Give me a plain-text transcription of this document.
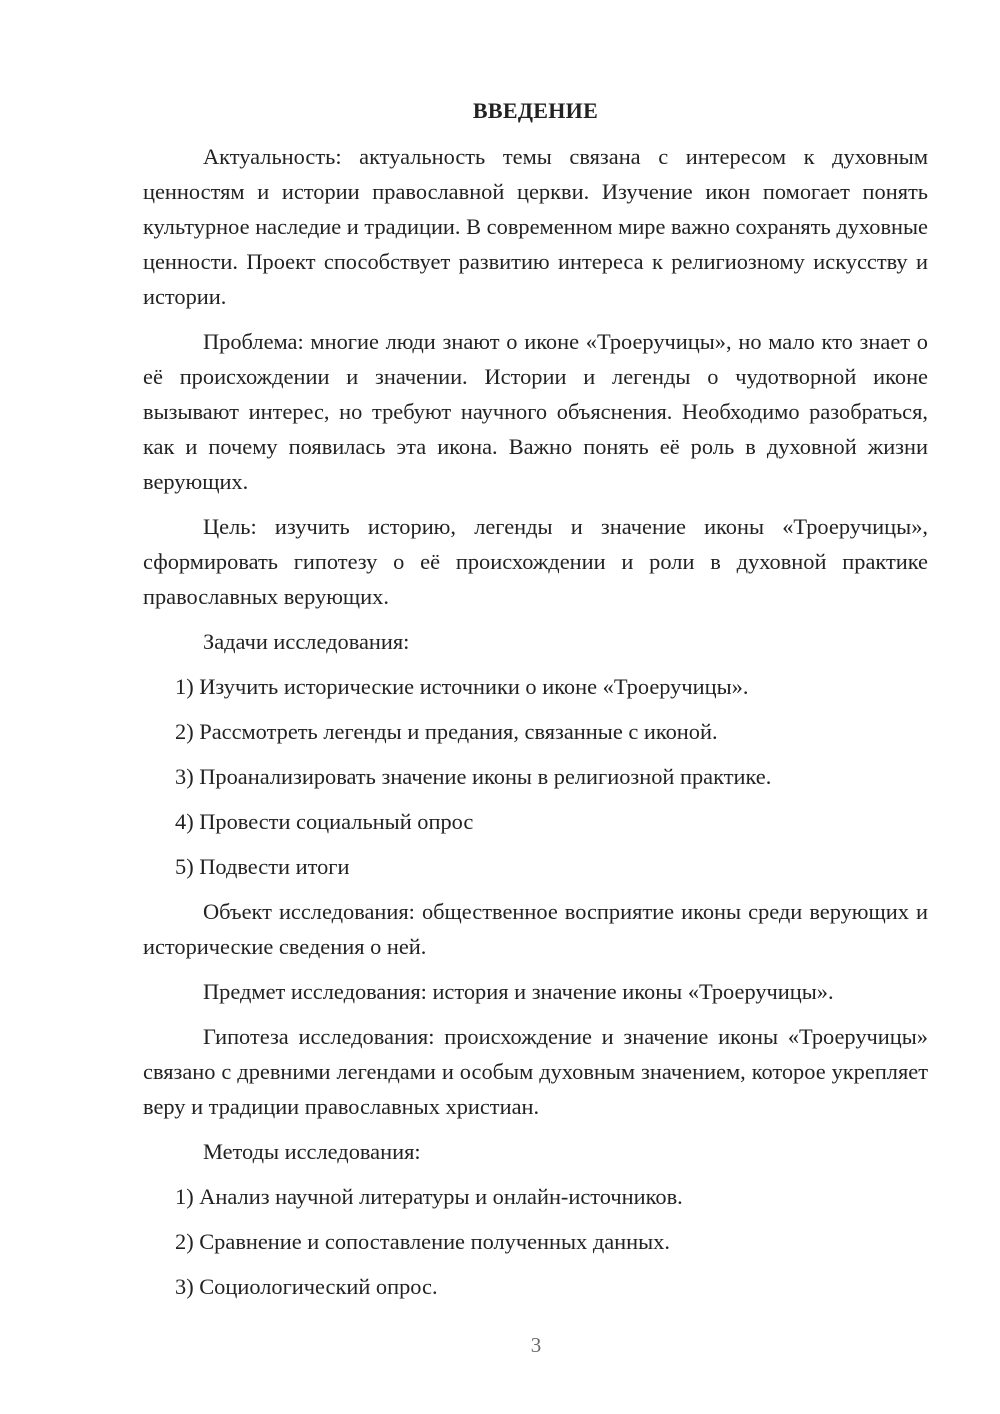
ВВЕДЕНИЕ

Актуальность: актуальность темы связана с интересом к духовным ценностям и истории православной церкви. Изучение икон помогает понять культурное наследие и традиции. В современном мире важно сохранять духовные ценности. Проект способствует развитию интереса к религиозному искусству и истории.

Проблема: многие люди знают о иконе «Троеручицы», но мало кто знает о её происхождении и значении. Истории и легенды о чудотворной иконе вызывают интерес, но требуют научного объяснения. Необходимо разобраться, как и почему появилась эта икона. Важно понять её роль в духовной жизни верующих.

Цель: изучить историю, легенды и значение иконы «Троеручицы», сформировать гипотезу о её происхождении и роли в духовной практике православных верующих.

Задачи исследования:

1) Изучить исторические источники о иконе «Троеручицы».

2) Рассмотреть легенды и предания, связанные с иконой.

3) Проанализировать значение иконы в религиозной практике.

4) Провести социальный опрос

5) Подвести итоги

Объект исследования: общественное восприятие иконы среди верующих и исторические сведения о ней.

Предмет исследования: история и значение иконы «Троеручицы».

Гипотеза исследования: происхождение и значение иконы «Троеручицы» связано с древними легендами и особым духовным значением, которое укрепляет веру и традиции православных христиан.

Методы исследования:

1) Анализ научной литературы и онлайн-источников.

2) Сравнение и сопоставление полученных данных.

3) Социологический опрос.

3
